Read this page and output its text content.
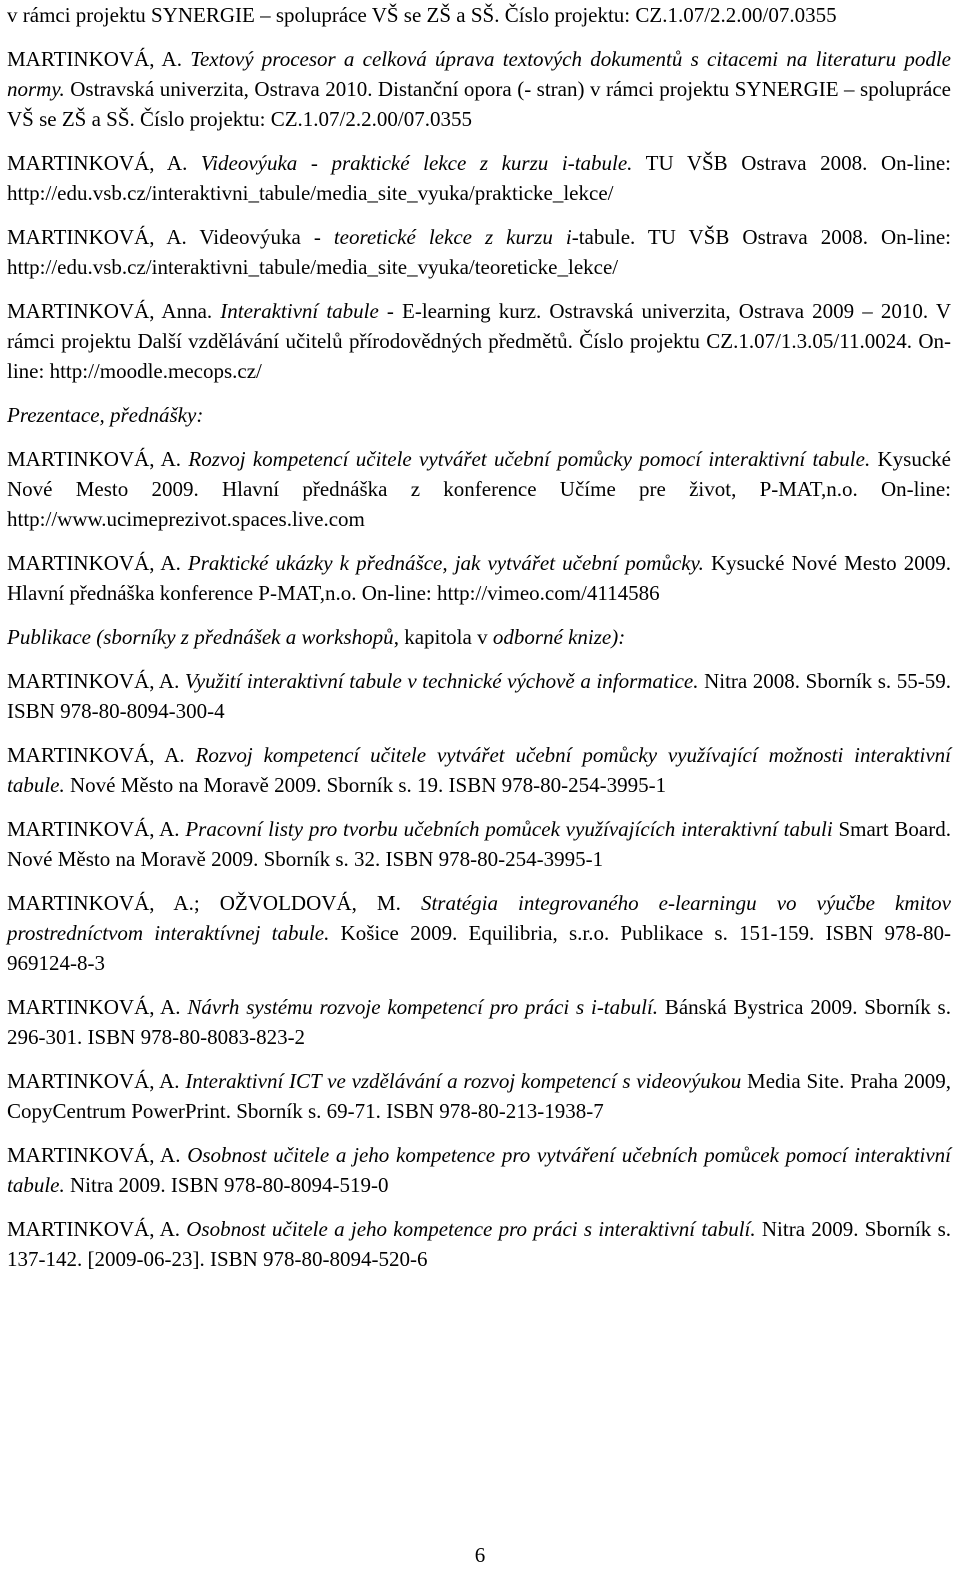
v rámci projektu SYNERGIE – spolupráce VŠ se ZŠ a SŠ. Číslo projektu: CZ.1.07/2.2.00/07.0355

MARTINKOVÁ, A. Textový procesor a celková úprava textových dokumentů s citacemi na literaturu podle normy. Ostravská univerzita, Ostrava 2010. Distanční opora (- stran) v rámci projektu SYNERGIE – spolupráce VŠ se ZŠ a SŠ. Číslo projektu: CZ.1.07/2.2.00/07.0355

MARTINKOVÁ, A. Videovýuka - praktické lekce z kurzu i-tabule. TU VŠB Ostrava 2008. On-line: http://edu.vsb.cz/interaktivni_tabule/media_site_vyuka/prakticke_lekce/

MARTINKOVÁ, A. Videovýuka - teoretické lekce z kurzu i-tabule. TU VŠB Ostrava 2008. On-line: http://edu.vsb.cz/interaktivni_tabule/media_site_vyuka/teoreticke_lekce/

MARTINKOVÁ, Anna. Interaktivní tabule - E-learning kurz. Ostravská univerzita, Ostrava 2009 – 2010. V rámci projektu Další vzdělávání učitelů přírodovědných předmětů. Číslo projektu CZ.1.07/1.3.05/11.0024. On-line: http://moodle.mecops.cz/

Prezentace, přednášky:

MARTINKOVÁ, A. Rozvoj kompetencí učitele vytvářet učební pomůcky pomocí interaktivní tabule. Kysucké Nové Mesto 2009. Hlavní přednáška z konference Učíme pre život, P-MAT,n.o. On-line: http://www.ucimeprezivot.spaces.live.com

MARTINKOVÁ, A. Praktické ukázky k přednášce, jak vytvářet učební pomůcky. Kysucké Nové Mesto 2009. Hlavní přednáška konference P-MAT,n.o. On-line: http://vimeo.com/4114586

Publikace (sborníky z přednášek a workshopů, kapitola v odborné knize):

MARTINKOVÁ, A. Využití interaktivní tabule v technické výchově a informatice. Nitra 2008. Sborník s. 55-59. ISBN 978-80-8094-300-4

MARTINKOVÁ, A. Rozvoj kompetencí učitele vytvářet učební pomůcky využívající možnosti interaktivní tabule. Nové Město na Moravě 2009. Sborník s. 19. ISBN 978-80-254-3995-1

MARTINKOVÁ, A. Pracovní listy pro tvorbu učebních pomůcek využívajících interaktivní tabuli Smart Board. Nové Město na Moravě 2009. Sborník s. 32. ISBN 978-80-254-3995-1

MARTINKOVÁ, A.; OŽVOLDOVÁ, M. Stratégia integrovaného e-learningu vo výučbe kmitov prostredníctvom interaktívnej tabule. Košice 2009. Equilibria, s.r.o. Publikace s. 151-159. ISBN 978-80-969124-8-3

MARTINKOVÁ, A. Návrh systému rozvoje kompetencí pro práci s i-tabulí. Bánská Bystrica 2009. Sborník s. 296-301. ISBN 978-80-8083-823-2

MARTINKOVÁ, A. Interaktivní ICT ve vzdělávání a rozvoj kompetencí s videovýukou Media Site. Praha 2009, CopyCentrum PowerPrint. Sborník s. 69-71. ISBN 978-80-213-1938-7

MARTINKOVÁ, A. Osobnost učitele a jeho kompetence pro vytváření učebních pomůcek pomocí interaktivní tabule. Nitra 2009. ISBN 978-80-8094-519-0

MARTINKOVÁ, A. Osobnost učitele a jeho kompetence pro práci s interaktivní tabulí. Nitra 2009. Sborník s. 137-142. [2009-06-23]. ISBN 978-80-8094-520-6

6
